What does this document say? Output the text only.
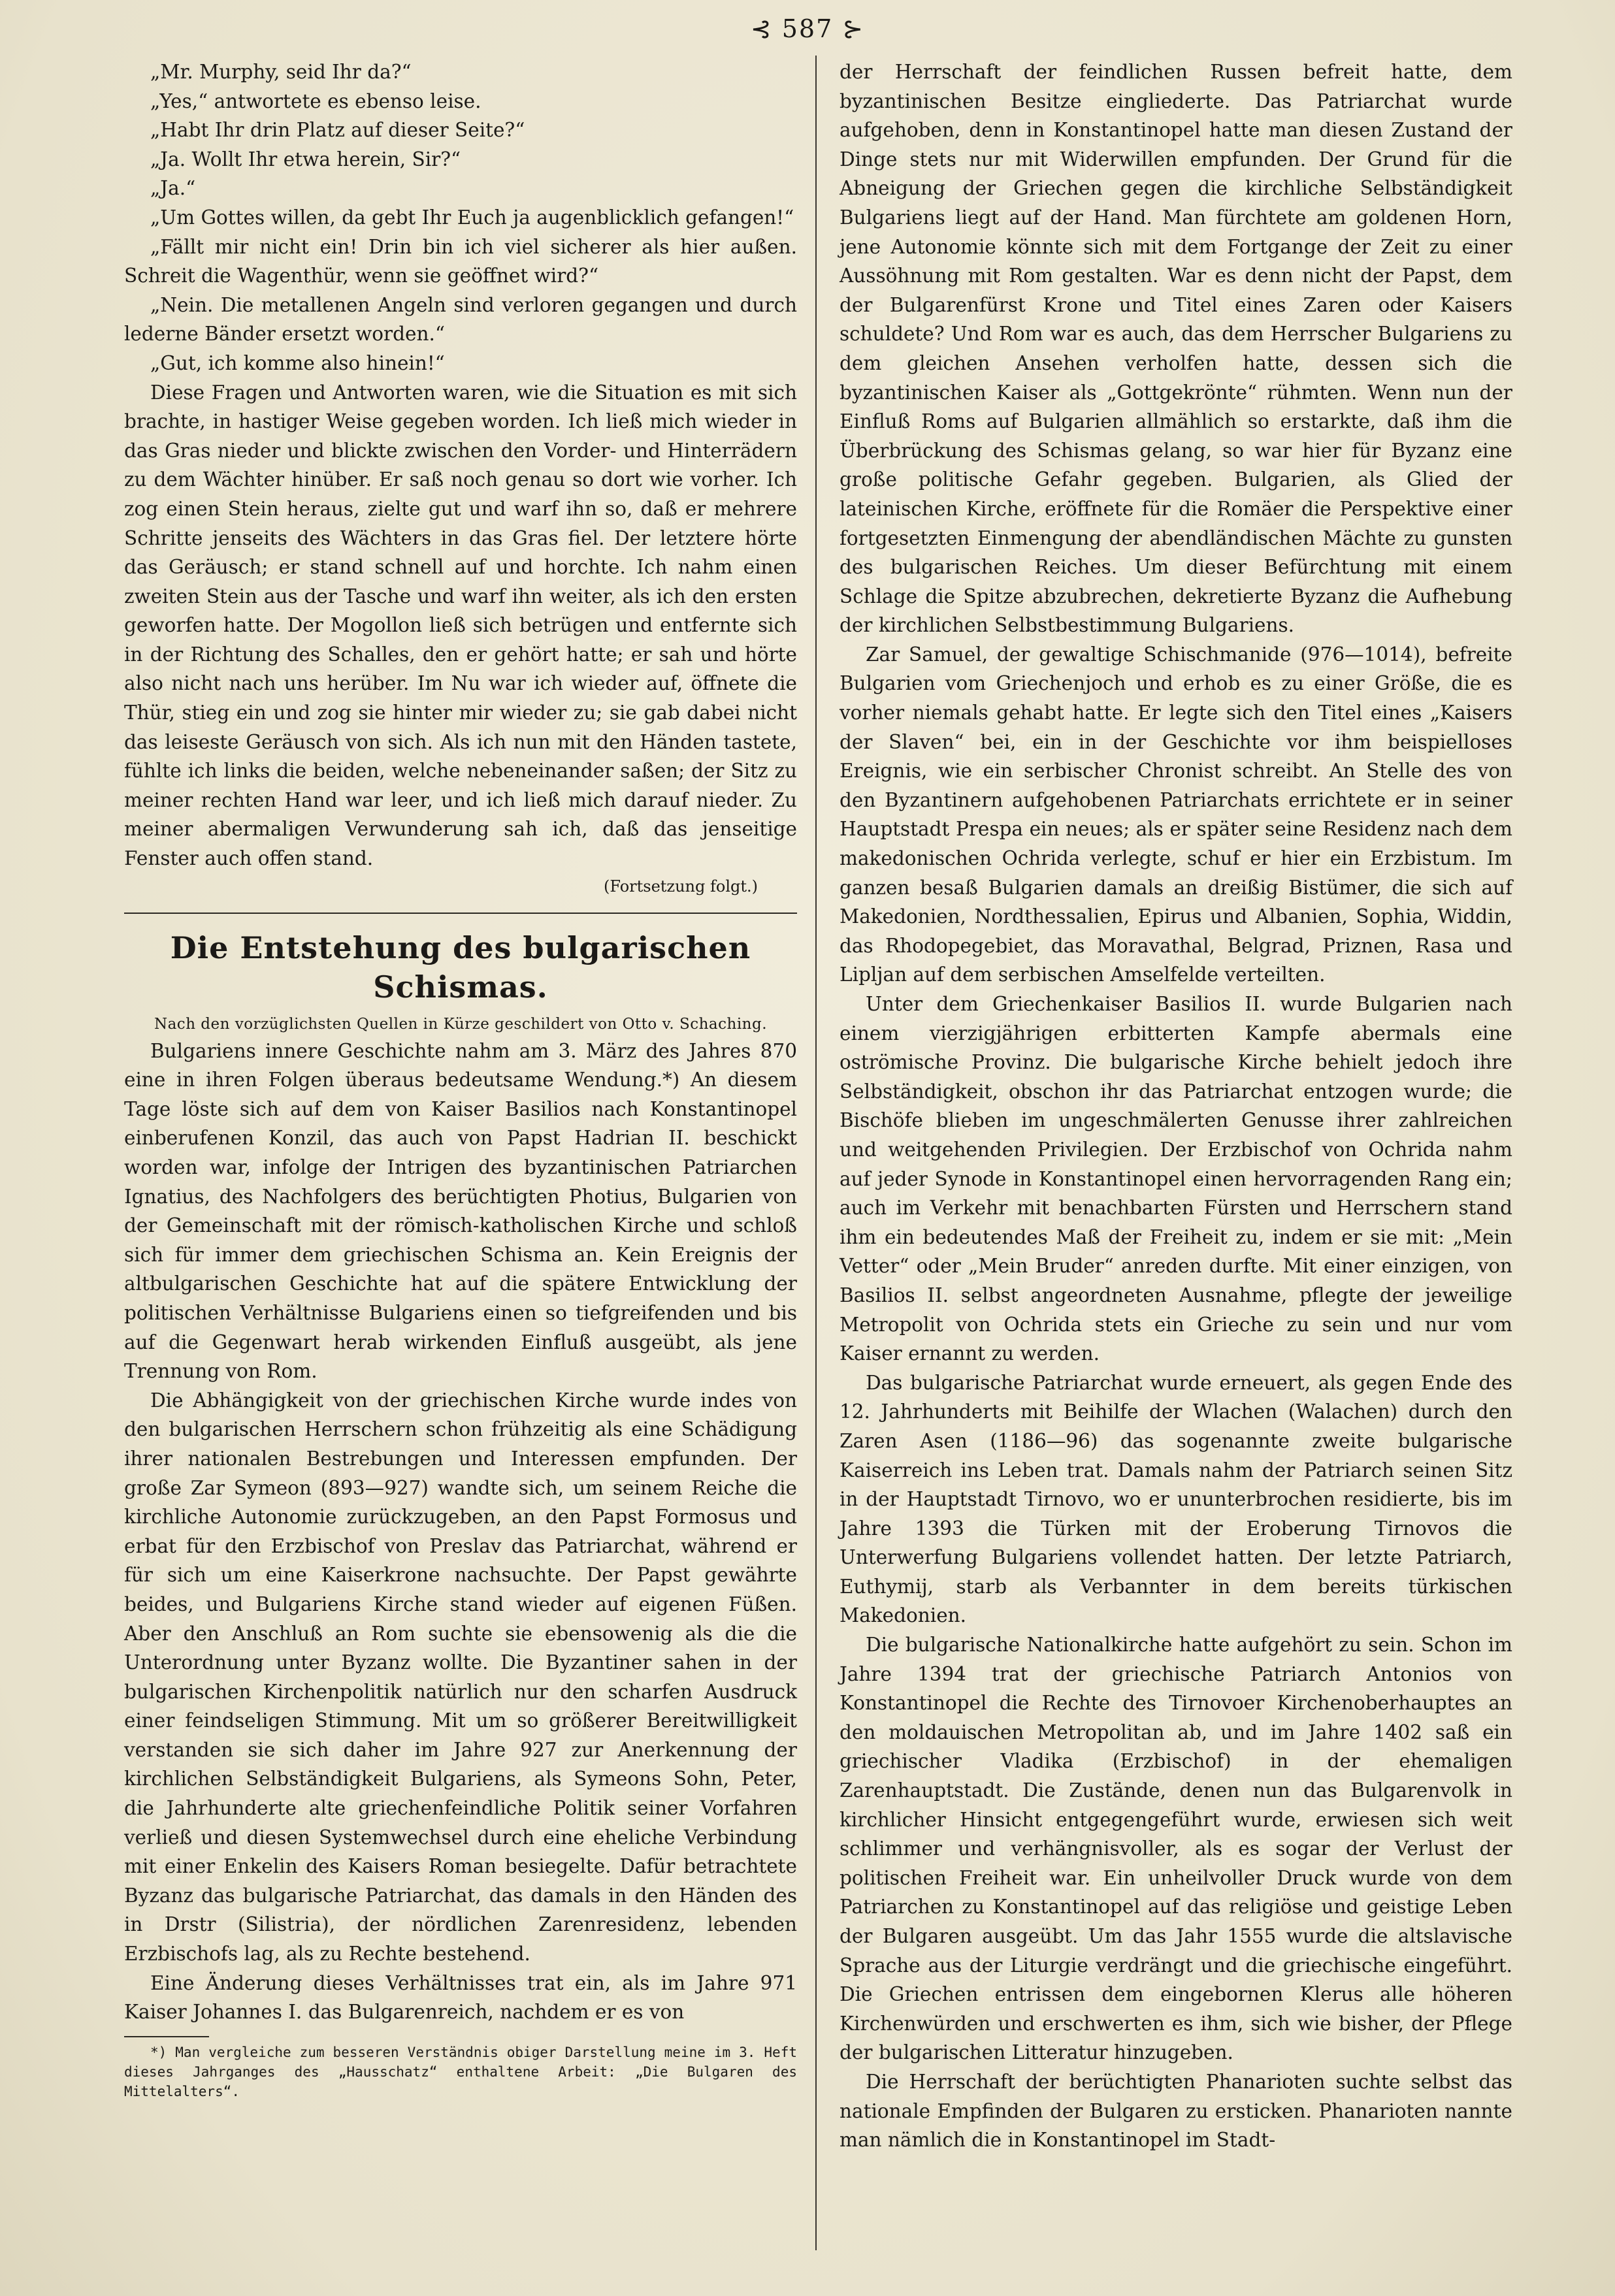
⊰ 587 ⊱

„Mr. Murphy, seid Ihr da?“

„Yes,“ antwortete es ebenso leise.

„Habt Ihr drin Platz auf dieser Seite?“

„Ja. Wollt Ihr etwa herein, Sir?“

„Ja.“

„Um Gottes willen, da gebt Ihr Euch ja augenblicklich gefangen!“

„Fällt mir nicht ein! Drin bin ich viel sicherer als hier außen. Schreit die Wagenthür, wenn sie geöffnet wird?“

„Nein. Die metallenen Angeln sind verloren gegangen und durch lederne Bänder ersetzt worden.“

„Gut, ich komme also hinein!“

Diese Fragen und Antworten waren, wie die Situation es mit sich brachte, in hastiger Weise gegeben worden. Ich ließ mich wieder in das Gras nieder und blickte zwischen den Vorder- und Hinterrädern zu dem Wächter hinüber. Er saß noch genau so dort wie vorher. Ich zog einen Stein heraus, zielte gut und warf ihn so, daß er mehrere Schritte jenseits des Wächters in das Gras fiel. Der letztere hörte das Geräusch; er stand schnell auf und horchte. Ich nahm einen zweiten Stein aus der Tasche und warf ihn weiter, als ich den ersten geworfen hatte. Der Mogollon ließ sich betrügen und entfernte sich in der Richtung des Schalles, den er gehört hatte; er sah und hörte also nicht nach uns herüber. Im Nu war ich wieder auf, öffnete die Thür, stieg ein und zog sie hinter mir wieder zu; sie gab dabei nicht das leiseste Geräusch von sich. Als ich nun mit den Händen tastete, fühlte ich links die beiden, welche nebeneinander saßen; der Sitz zu meiner rechten Hand war leer, und ich ließ mich darauf nieder. Zu meiner abermaligen Verwunderung sah ich, daß das jenseitige Fenster auch offen stand.

(Fortsetzung folgt.)

Die Entstehung des bulgarischen Schismas.

Nach den vorzüglichsten Quellen in Kürze geschildert von Otto v. Schaching.

Bulgariens innere Geschichte nahm am 3. März des Jahres 870 eine in ihren Folgen überaus bedeutsame Wendung.*) An diesem Tage löste sich auf dem von Kaiser Basilios nach Konstantinopel einberufenen Konzil, das auch von Papst Hadrian II. beschickt worden war, infolge der Intrigen des byzantinischen Patriarchen Ignatius, des Nachfolgers des berüchtigten Photius, Bulgarien von der Gemeinschaft mit der römisch-katholischen Kirche und schloß sich für immer dem griechischen Schisma an. Kein Ereignis der altbulgarischen Geschichte hat auf die spätere Entwicklung der politischen Verhältnisse Bulgariens einen so tiefgreifenden und bis auf die Gegenwart herab wirkenden Einfluß ausgeübt, als jene Trennung von Rom.

Die Abhängigkeit von der griechischen Kirche wurde indes von den bulgarischen Herrschern schon frühzeitig als eine Schädigung ihrer nationalen Bestrebungen und Interessen empfunden. Der große Zar Symeon (893—927) wandte sich, um seinem Reiche die kirchliche Autonomie zurückzugeben, an den Papst Formosus und erbat für den Erzbischof von Preslav das Patriarchat, während er für sich um eine Kaiserkrone nachsuchte. Der Papst gewährte beides, und Bulgariens Kirche stand wieder auf eigenen Füßen. Aber den Anschluß an Rom suchte sie ebensowenig als die die Unterordnung unter Byzanz wollte. Die Byzantiner sahen in der bulgarischen Kirchenpolitik natürlich nur den scharfen Ausdruck einer feindseligen Stimmung. Mit um so größerer Bereitwilligkeit verstanden sie sich daher im Jahre 927 zur Anerkennung der kirchlichen Selbständigkeit Bulgariens, als Symeons Sohn, Peter, die Jahrhunderte alte griechenfeindliche Politik seiner Vorfahren verließ und diesen Systemwechsel durch eine eheliche Verbindung mit einer Enkelin des Kaisers Roman besiegelte. Dafür betrachtete Byzanz das bulgarische Patriarchat, das damals in den Händen des in Drstr (Silistria), der nördlichen Zarenresidenz, lebenden Erzbischofs lag, als zu Rechte bestehend.

Eine Änderung dieses Verhältnisses trat ein, als im Jahre 971 Kaiser Johannes I. das Bulgarenreich, nachdem er es von

*) Man vergleiche zum besseren Verständnis obiger Darstellung meine im 3. Heft dieses Jahrganges des „Hausschatz“ enthaltene Arbeit: „Die Bulgaren des Mittelalters“.

der Herrschaft der feindlichen Russen befreit hatte, dem byzantinischen Besitze eingliederte. Das Patriarchat wurde aufgehoben, denn in Konstantinopel hatte man diesen Zustand der Dinge stets nur mit Widerwillen empfunden. Der Grund für die Abneigung der Griechen gegen die kirchliche Selbständigkeit Bulgariens liegt auf der Hand. Man fürchtete am goldenen Horn, jene Autonomie könnte sich mit dem Fortgange der Zeit zu einer Aussöhnung mit Rom gestalten. War es denn nicht der Papst, dem der Bulgarenfürst Krone und Titel eines Zaren oder Kaisers schuldete? Und Rom war es auch, das dem Herrscher Bulgariens zu dem gleichen Ansehen verholfen hatte, dessen sich die byzantinischen Kaiser als „Gottgekrönte“ rühmten. Wenn nun der Einfluß Roms auf Bulgarien allmählich so erstarkte, daß ihm die Überbrückung des Schismas gelang, so war hier für Byzanz eine große politische Gefahr gegeben. Bulgarien, als Glied der lateinischen Kirche, eröffnete für die Romäer die Perspektive einer fortgesetzten Einmengung der abendländischen Mächte zu gunsten des bulgarischen Reiches. Um dieser Befürchtung mit einem Schlage die Spitze abzubrechen, dekretierte Byzanz die Aufhebung der kirchlichen Selbstbestimmung Bulgariens.

Zar Samuel, der gewaltige Schischmanide (976—1014), befreite Bulgarien vom Griechenjoch und erhob es zu einer Größe, die es vorher niemals gehabt hatte. Er legte sich den Titel eines „Kaisers der Slaven“ bei, ein in der Geschichte vor ihm beispielloses Ereignis, wie ein serbischer Chronist schreibt. An Stelle des von den Byzantinern aufgehobenen Patriarchats errichtete er in seiner Hauptstadt Prespa ein neues; als er später seine Residenz nach dem makedonischen Ochrida verlegte, schuf er hier ein Erzbistum. Im ganzen besaß Bulgarien damals an dreißig Bistümer, die sich auf Makedonien, Nordthessalien, Epirus und Albanien, Sophia, Widdin, das Rhodopegebiet, das Moravathal, Belgrad, Priznen, Rasa und Lipljan auf dem serbischen Amselfelde verteilten.

Unter dem Griechenkaiser Basilios II. wurde Bulgarien nach einem vierzigjährigen erbitterten Kampfe abermals eine oströmische Provinz. Die bulgarische Kirche behielt jedoch ihre Selbständigkeit, obschon ihr das Patriarchat entzogen wurde; die Bischöfe blieben im ungeschmälerten Genusse ihrer zahlreichen und weitgehenden Privilegien. Der Erzbischof von Ochrida nahm auf jeder Synode in Konstantinopel einen hervorragenden Rang ein; auch im Verkehr mit benachbarten Fürsten und Herrschern stand ihm ein bedeutendes Maß der Freiheit zu, indem er sie mit: „Mein Vetter“ oder „Mein Bruder“ anreden durfte. Mit einer einzigen, von Basilios II. selbst angeordneten Ausnahme, pflegte der jeweilige Metropolit von Ochrida stets ein Grieche zu sein und nur vom Kaiser ernannt zu werden.

Das bulgarische Patriarchat wurde erneuert, als gegen Ende des 12. Jahrhunderts mit Beihilfe der Wlachen (Walachen) durch den Zaren Asen (1186—96) das sogenannte zweite bulgarische Kaiserreich ins Leben trat. Damals nahm der Patriarch seinen Sitz in der Hauptstadt Tirnovo, wo er ununterbrochen residierte, bis im Jahre 1393 die Türken mit der Eroberung Tirnovos die Unterwerfung Bulgariens vollendet hatten. Der letzte Patriarch, Euthymij, starb als Verbannter in dem bereits türkischen Makedonien.

Die bulgarische Nationalkirche hatte aufgehört zu sein. Schon im Jahre 1394 trat der griechische Patriarch Antonios von Konstantinopel die Rechte des Tirnovoer Kirchenoberhauptes an den moldauischen Metropolitan ab, und im Jahre 1402 saß ein griechischer Vladika (Erzbischof) in der ehemaligen Zarenhauptstadt. Die Zustände, denen nun das Bulgarenvolk in kirchlicher Hinsicht entgegengeführt wurde, erwiesen sich weit schlimmer und verhängnisvoller, als es sogar der Verlust der politischen Freiheit war. Ein unheilvoller Druck wurde von dem Patriarchen zu Konstantinopel auf das religiöse und geistige Leben der Bulgaren ausgeübt. Um das Jahr 1555 wurde die altslavische Sprache aus der Liturgie verdrängt und die griechische eingeführt. Die Griechen entrissen dem eingebornen Klerus alle höheren Kirchenwürden und erschwerten es ihm, sich wie bisher, der Pflege der bulgarischen Litteratur hinzugeben.

Die Herrschaft der berüchtigten Phanarioten suchte selbst das nationale Empfinden der Bulgaren zu ersticken. Phanarioten nannte man nämlich die in Konstantinopel im Stadt-
